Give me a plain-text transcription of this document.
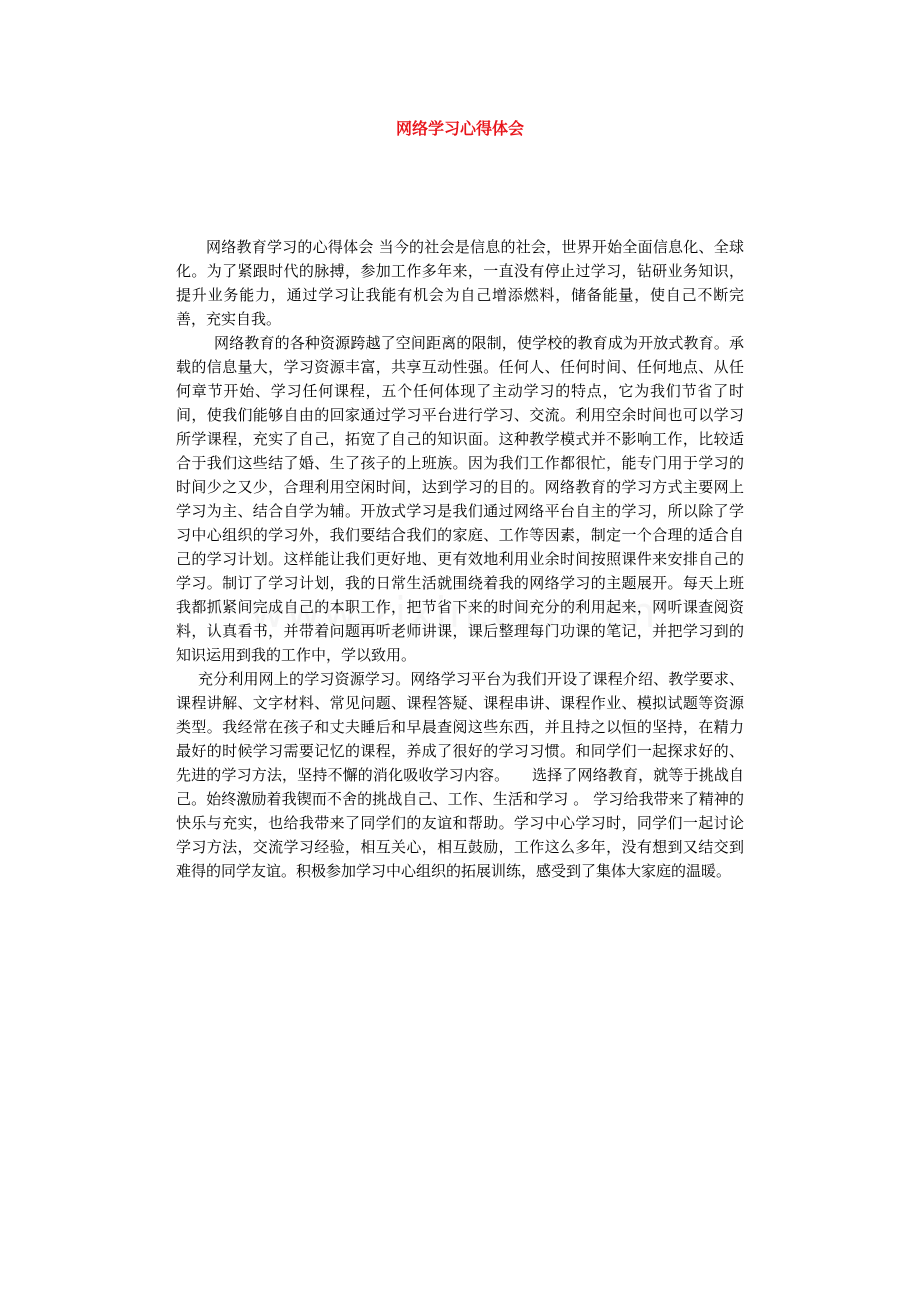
网络学习心得体会

网络教育学习的心得体会 当今的社会是信息的社会，世界开始全面信息化、全球化。为了紧跟时代的脉搏，参加工作多年来，一直没有停止过学习，钻研业务知识，提升业务能力，通过学习让我能有机会为自己增添燃料，储备能量，使自己不断完善，充实自我。

网络教育的各种资源跨越了空间距离的限制，使学校的教育成为开放式教育。承载的信息量大，学习资源丰富，共享互动性强。任何人、任何时间、任何地点、从任何章节开始、学习任何课程，五个任何体现了主动学习的特点，它为我们节省了时间，使我们能够自由的回家通过学习平台进行学习、交流。利用空余时间也可以学习所学课程，充实了自己，拓宽了自己的知识面。这种教学模式并不影响工作，比较适合于我们这些结了婚、生了孩子的上班族。因为我们工作都很忙，能专门用于学习的时间少之又少，合理利用空闲时间，达到学习的目的。网络教育的学习方式主要网上学习为主、结合自学为辅。开放式学习是我们通过网络平台自主的学习，所以除了学习中心组织的学习外，我们要结合我们的家庭、工作等因素，制定一个合理的适合自己的学习计划。这样能让我们更好地、更有效地利用业余时间按照课件来安排自己的学习。制订了学习计划，我的日常生活就围绕着我的网络学习的主题展开。每天上班我都抓紧间完成自己的本职工作，把节省下来的时间充分的利用起来，网听课查阅资料，认真看书，并带着问题再听老师讲课，课后整理每门功课的笔记，并把学习到的知识运用到我的工作中，学以致用。

充分利用网上的学习资源学习。网络学习平台为我们开设了课程介绍、教学要求、课程讲解、文字材料、常见问题、课程答疑、课程串讲、课程作业、模拟试题等资源类型。我经常在孩子和丈夫睡后和早晨查阅这些东西，并且持之以恒的坚持，在精力最好的时候学习需要记忆的课程，养成了很好的学习习惯。和同学们一起探求好的、先进的学习方法，坚持不懈的消化吸收学习内容。　　选择了网络教育，就等于挑战自己。始终激励着我锲而不舍的挑战自己、工作、生活和学习 。 学习给我带来了精神的快乐与充实，也给我带来了同学们的友谊和帮助。学习中心学习时，同学们一起讨论学习方法，交流学习经验，相互关心，相互鼓励，工作这么多年，没有想到又结交到难得的同学友谊。积极参加学习中心组织的拓展训练，感受到了集体大家庭的温暖。
